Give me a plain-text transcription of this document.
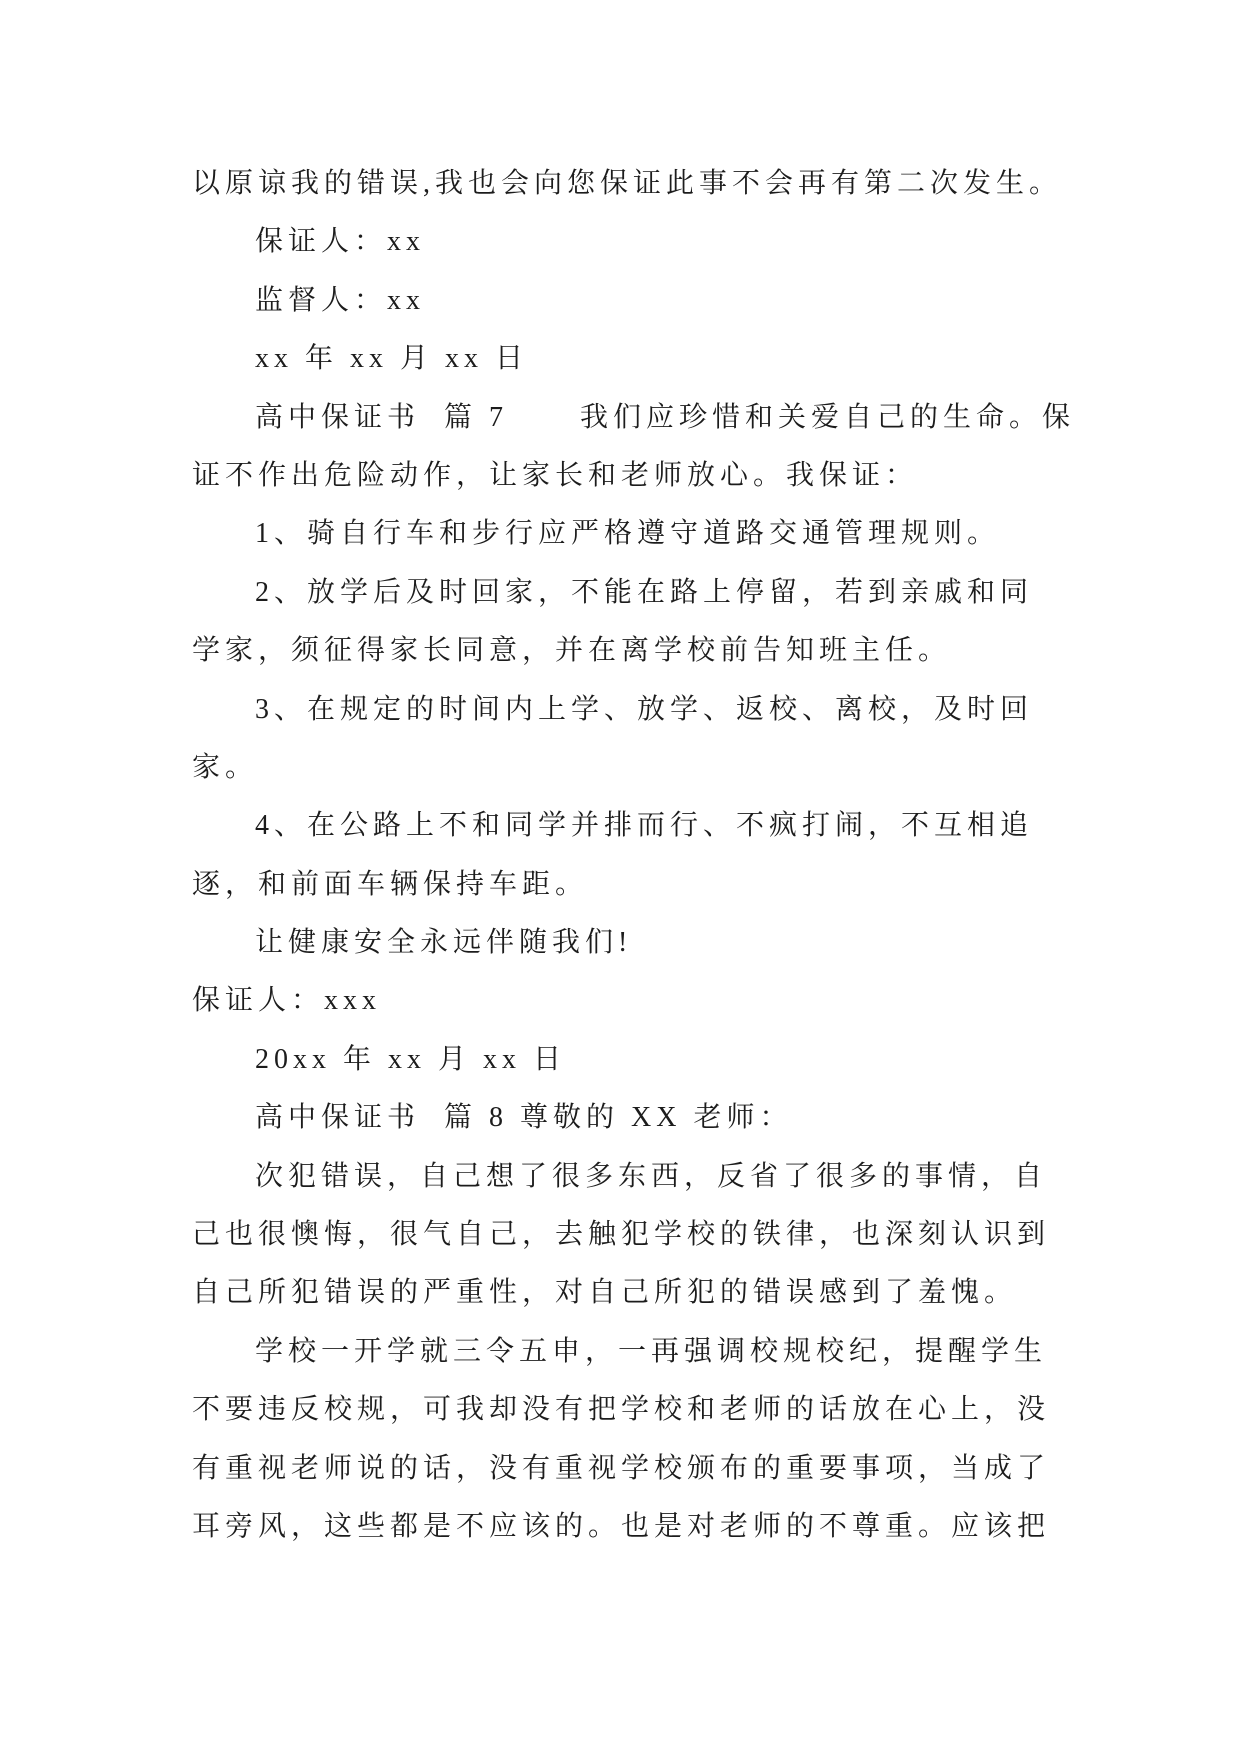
以原谅我的错误,我也会向您保证此事不会再有第二次发生。
保证人：xx
监督人：xx
xx 年 xx 月 xx 日
高中保证书  篇 7      我们应珍惜和关爱自己的生命。保
证不作出危险动作，让家长和老师放心。我保证：
1、骑自行车和步行应严格遵守道路交通管理规则。
2、放学后及时回家，不能在路上停留，若到亲戚和同
学家，须征得家长同意，并在离学校前告知班主任。
3、在规定的时间内上学、放学、返校、离校，及时回
家。
4、在公路上不和同学并排而行、不疯打闹，不互相追
逐，和前面车辆保持车距。
让健康安全永远伴随我们!
保证人：xxx
20xx 年 xx 月 xx 日
高中保证书  篇 8 尊敬的 XX 老师：
次犯错误，自己想了很多东西，反省了很多的事情，自
己也很懊悔，很气自己，去触犯学校的铁律，也深刻认识到
自己所犯错误的严重性，对自己所犯的错误感到了羞愧。
学校一开学就三令五申，一再强调校规校纪，提醒学生
不要违反校规，可我却没有把学校和老师的话放在心上，没
有重视老师说的话，没有重视学校颁布的重要事项，当成了
耳旁风，这些都是不应该的。也是对老师的不尊重。应该把
